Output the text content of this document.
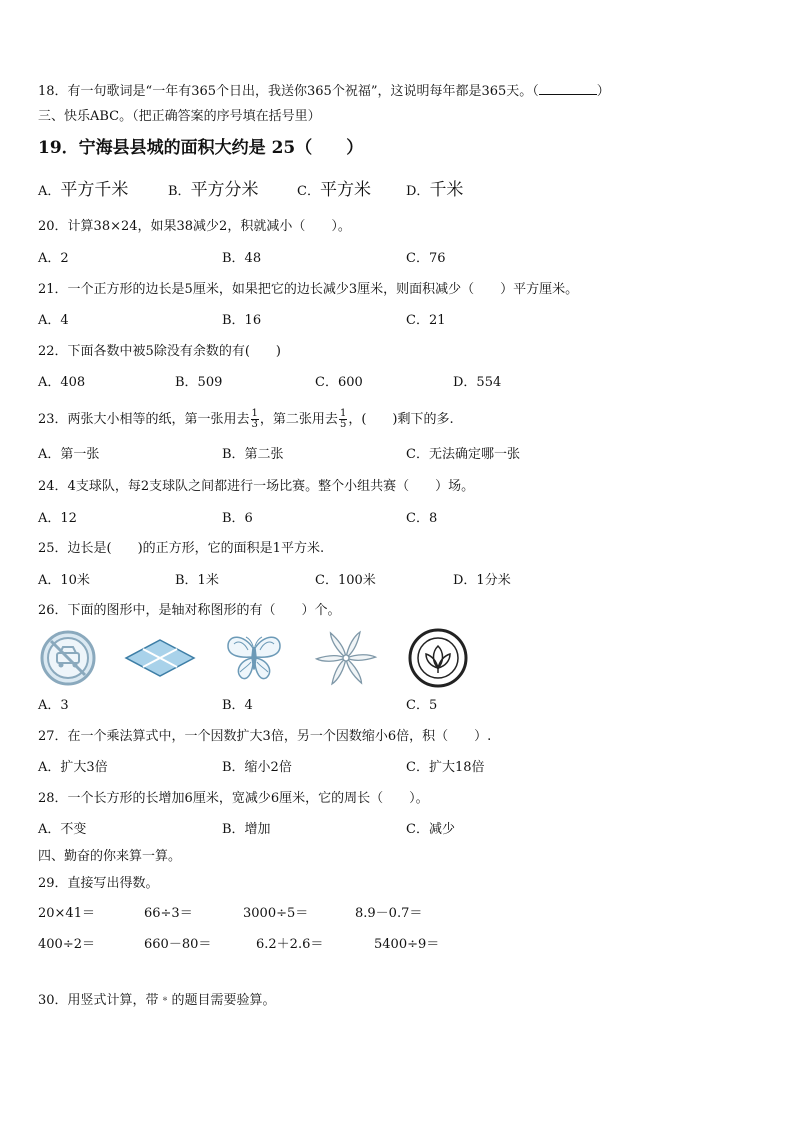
18．有一句歌词是“一年有365个日出，我送你365个祝福”，这说明每年都是365天。（	）
三、快乐ABC。（把正确答案的序号填在括号里）
19．宁海县县城的面积大约是 25（　　）
A．平方千米	B．平方分米	C．平方米	D．千米
20．计算38×24，如果38减少2，积就减小（　　）。
A．2	B．48	C．76
21．一个正方形的边长是5厘米，如果把它的边长减少3厘米，则面积减少（　　）平方厘米。
A．4	B．16	C．21
22．下面各数中被5除没有余数的有(　　)
A．408	B．509	C．600	D．554
23．两张大小相等的纸，第一张用去 $\frac{1}{3}$ ，第二张用去 $\frac{1}{5}$ ，(　　)剩下的多.
A．第一张	B．第二张	C．无法确定哪一张
24．4支球队，每2支球队之间都进行一场比赛。整个小组共赛（　　）场。
A．12	B．6	C．8
25．边长是(　　)的正方形，它的面积是1平方米.
A．10米	B．1米	C．100米	D．1分米
26．下面的图形中，是轴对称图形的有（　　）个。
A．3	B．4	C．5
27．在一个乘法算式中，一个因数扩大3倍，另一个因数缩小6倍，积（　　）.
A．扩大3倍	B．缩小2倍	C．扩大18倍
28．一个长方形的长增加6厘米，宽减少6厘米，它的周长（　　）。
A．不变	B．增加	C．减少
四、勤奋的你来算一算。
29．直接写出得数。
20×41＝	66÷3＝	3000÷5＝	8.9－0.7＝
400÷2＝	660－80＝	6.2＋2.6＝	5400÷9＝
30．用竖式计算，带﹡的题目需要验算。
